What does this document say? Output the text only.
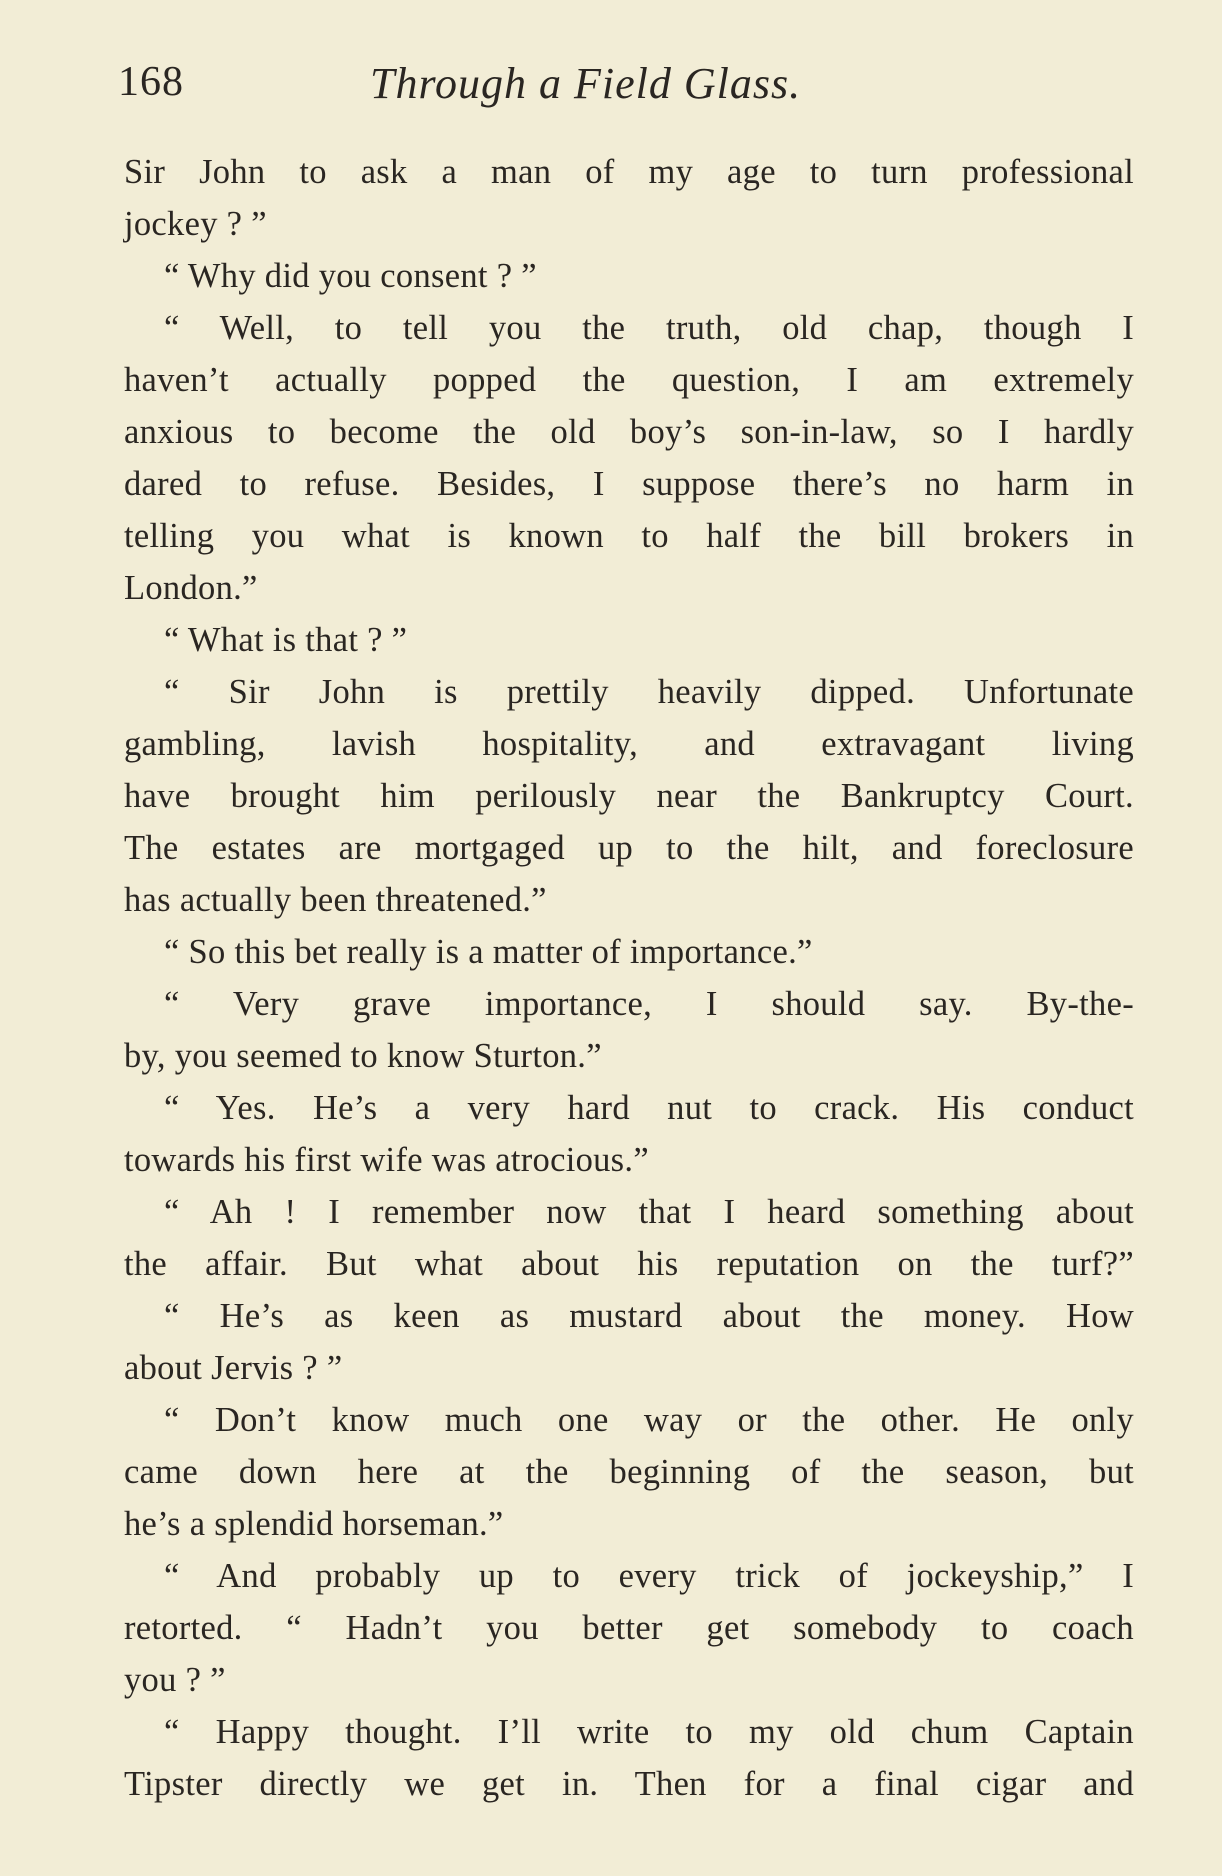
168	Through a Field Glass.
Sir John to ask a man of my age to turn professional
jockey ? ”
“ Why did you consent ? ”
“ Well, to tell you the truth, old chap, though I
haven’t actually popped the question, I am extremely
anxious to become the old boy’s son-in-law, so I hardly
dared to refuse. Besides, I suppose there’s no harm in
telling you what is known to half the bill brokers in
London.”
“ What is that ? ”
“ Sir John is prettily heavily dipped. Unfortunate
gambling, lavish hospitality, and extravagant living
have brought him perilously near the Bankruptcy Court.
The estates are mortgaged up to the hilt, and foreclosure
has actually been threatened.”
“ So this bet really is a matter of importance.”
“ Very grave importance, I should say. By-the-
by, you seemed to know Sturton.”
“ Yes. He’s a very hard nut to crack. His conduct
towards his first wife was atrocious.”
“ Ah ! I remember now that I heard something about
the affair. But what about his reputation on the turf?”
“ He’s as keen as mustard about the money. How
about Jervis ? ”
“ Don’t know much one way or the other. He only
came down here at the beginning of the season, but
he’s a splendid horseman.”
“ And probably up to every trick of jockeyship,” I
retorted. “ Hadn’t you better get somebody to coach
you ? ”
“ Happy thought. I’ll write to my old chum Captain
Tipster directly we get in. Then for a final cigar and
